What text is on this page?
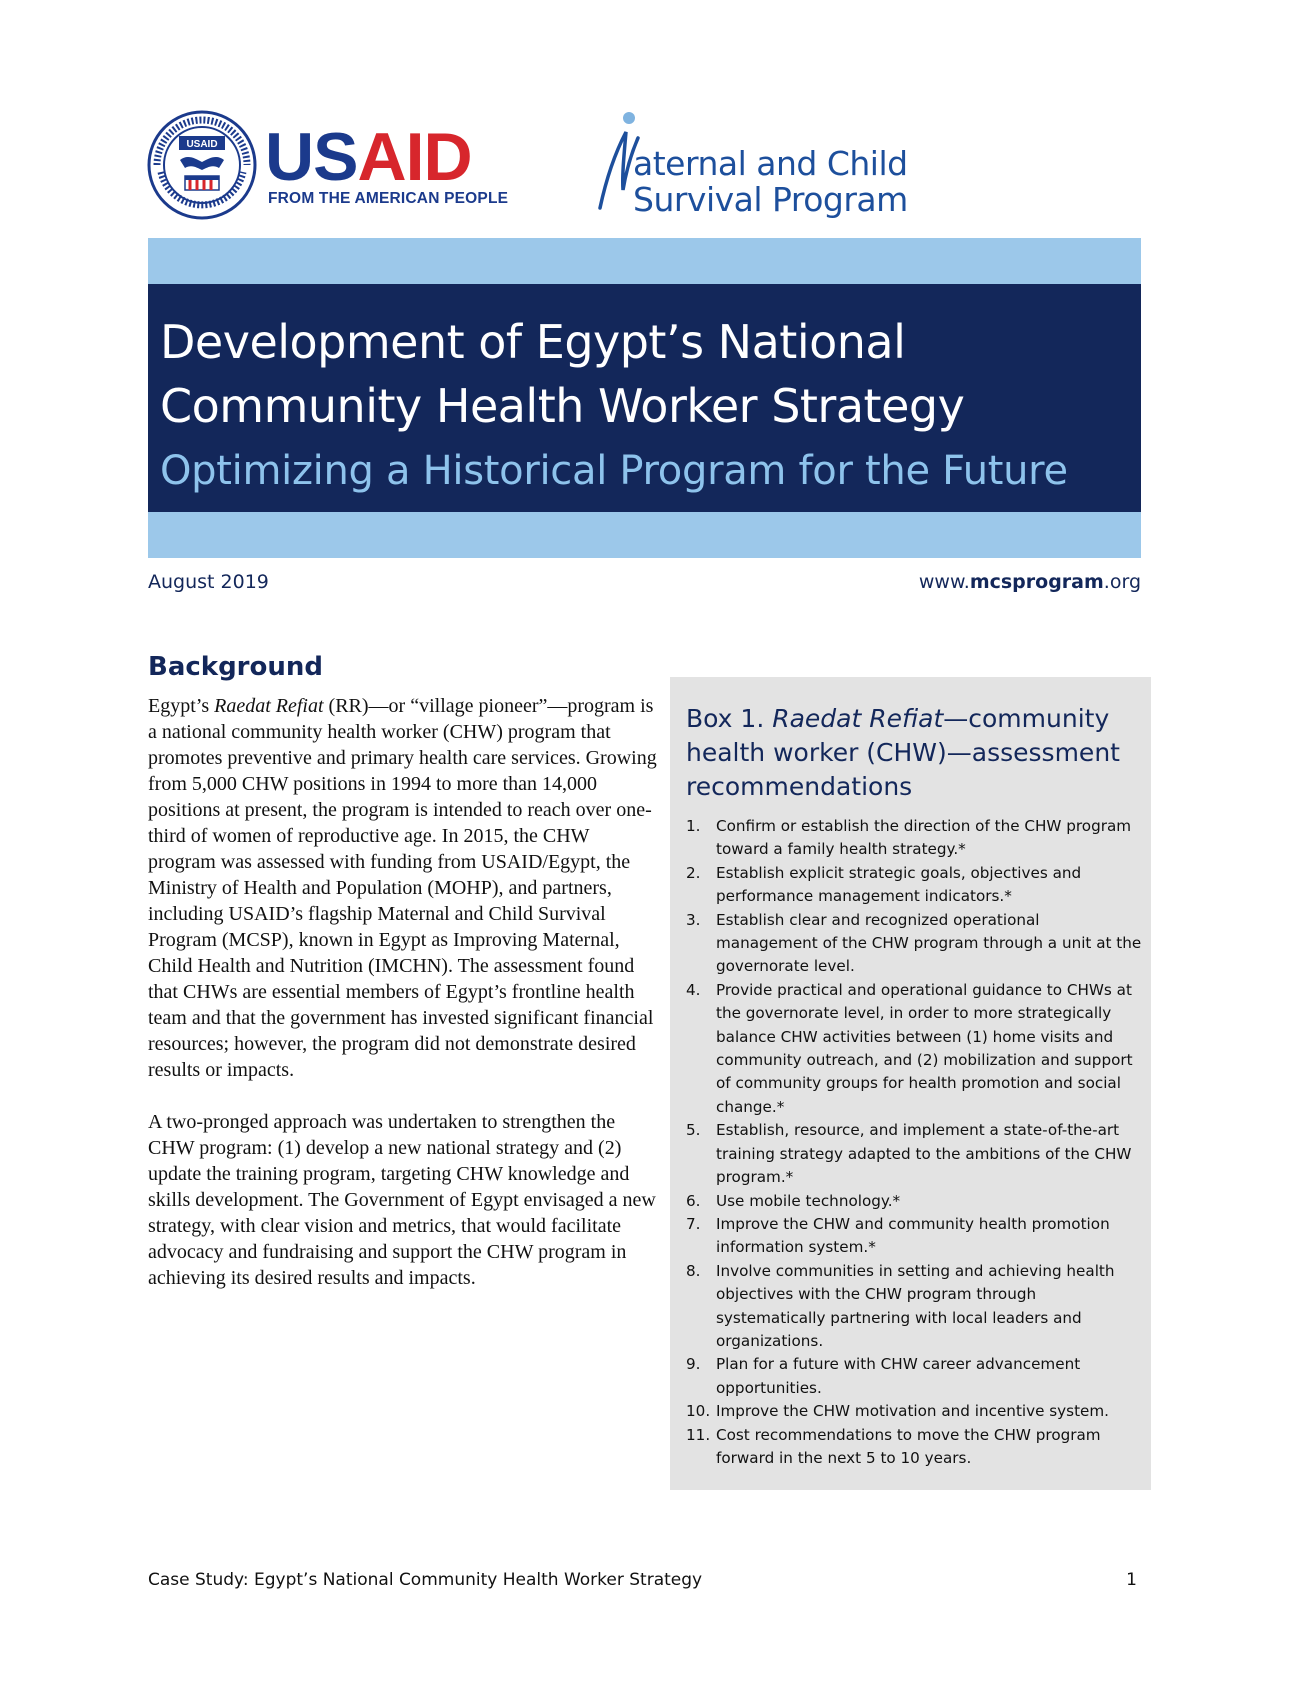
USAID USAID
FROM THE AMERICAN PEOPLE
aternal and Child
Survival Program
Development of Egypt’s National
Community Health Worker Strategy
Optimizing a Historical Program for the Future
August 2019	www.mcsprogram.org
Background

Egypt’s Raedat Refiat (RR)—or “village pioneer”—program is a national community health worker (CHW) program that promotes preventive and primary health care services. Growing from 5,000 CHW positions in 1994 to more than 14,000 positions at present, the program is intended to reach over one-third of women of reproductive age. In 2015, the CHW program was assessed with funding from USAID/Egypt, the Ministry of Health and Population (MOHP), and partners, including USAID’s flagship Maternal and Child Survival Program (MCSP), known in Egypt as Improving Maternal, Child Health and Nutrition (IMCHN). The assessment found that CHWs are essential members of Egypt’s frontline health team and that the government has invested significant financial resources; however, the program did not demonstrate desired results or impacts.

A two-pronged approach was undertaken to strengthen the CHW program: (1) develop a new national strategy and (2) update the training program, targeting CHW knowledge and skills development. The Government of Egypt envisaged a new strategy, with clear vision and metrics, that would facilitate advocacy and fundraising and support the CHW program in achieving its desired results and impacts.

Box 1. Raedat Refiat—community health worker (CHW)—assessment recommendations
1. Confirm or establish the direction of the CHW program toward a family health strategy.*
2. Establish explicit strategic goals, objectives and performance management indicators.*
3. Establish clear and recognized operational management of the CHW program through a unit at the governorate level.
4. Provide practical and operational guidance to CHWs at the governorate level, in order to more strategically balance CHW activities between (1) home visits and community outreach, and (2) mobilization and support of community groups for health promotion and social change.*
5. Establish, resource, and implement a state-of-the-art training strategy adapted to the ambitions of the CHW program.*
6. Use mobile technology.*
7. Improve the CHW and community health promotion information system.*
8. Involve communities in setting and achieving health objectives with the CHW program through systematically partnering with local leaders and organizations.
9. Plan for a future with CHW career advancement opportunities.
10. Improve the CHW motivation and incentive system.
11. Cost recommendations to move the CHW program forward in the next 5 to 10 years.
Case Study: Egypt’s National Community Health Worker Strategy	1
